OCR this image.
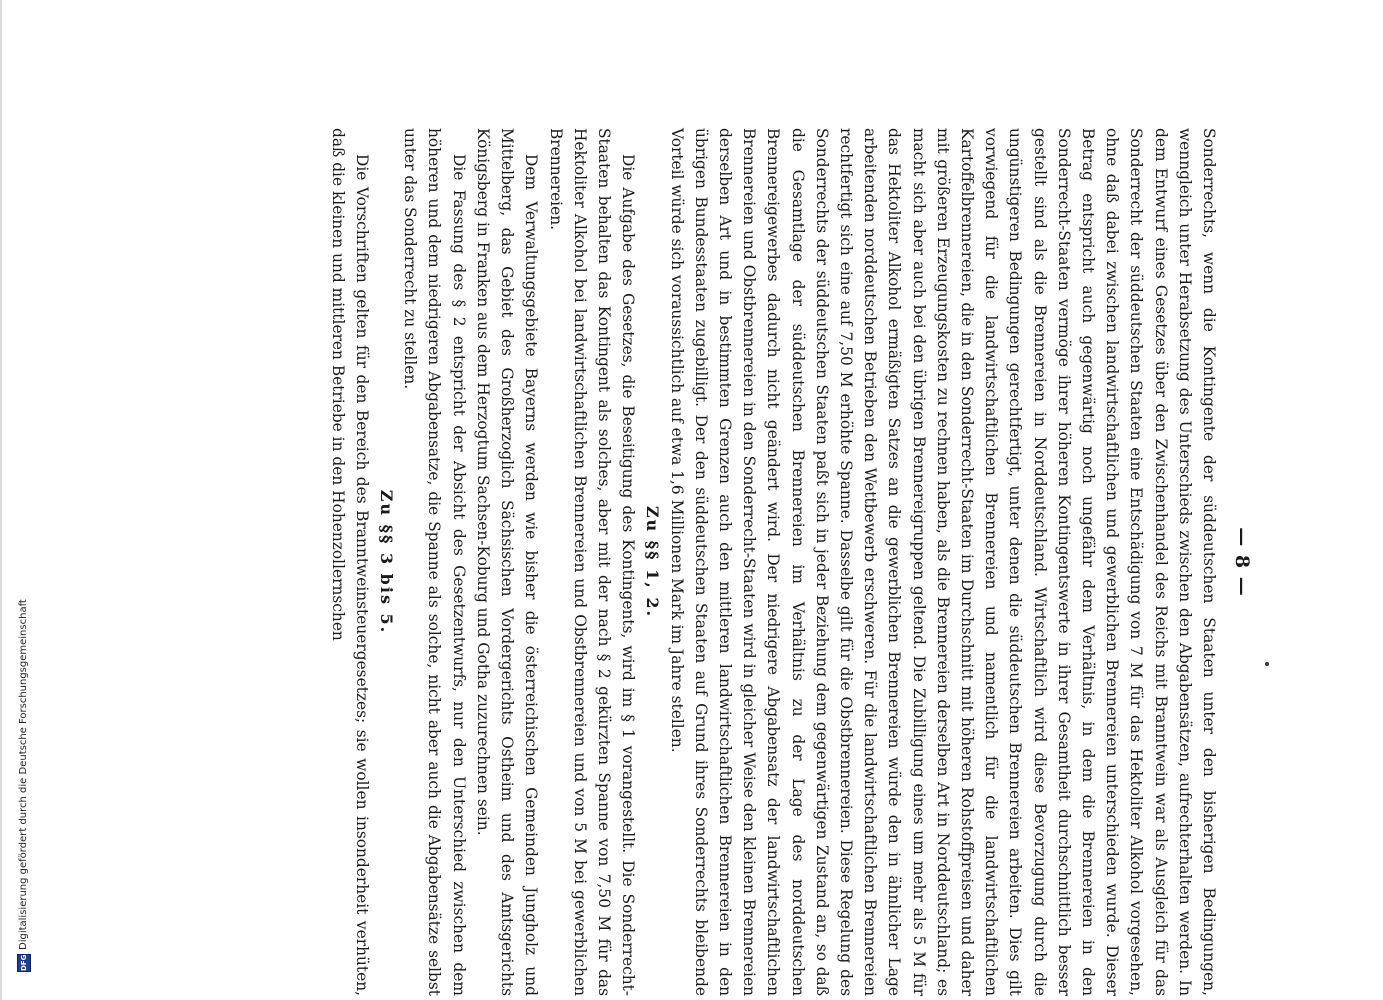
— 8 —

Sonderrechts, wenn die Kontingente der süddeutschen Staaten unter den bisherigen Bedingungen, wenngleich unter Herabsetzung des Unterschieds zwischen den Abgabensätzen, aufrechterhalten werden. In dem Entwurf eines Gesetzes über den Zwischenhandel des Reichs mit Branntwein war als Ausgleich für das Sonderrecht der süddeutschen Staaten eine Entschädigung von 7 M für das Hektoliter Alkohol vorgesehen, ohne daß dabei zwischen landwirtschaftlichen und gewerblichen Brennereien unterschieden wurde. Dieser Betrag entspricht auch gegenwärtig noch ungefähr dem Verhältnis, in dem die Brennereien in den Sonderrecht-Staaten vermöge ihrer höheren Kontingentswerte in ihrer Gesamtheit durchschnittlich besser gestellt sind als die Brennereien in Norddeutschland. Wirtschaftlich wird diese Bevorzugung durch die ungünstigeren Bedingungen gerechtfertigt, unter denen die süddeutschen Brennereien arbeiten. Dies gilt vorwiegend für die landwirtschaftlichen Brennereien und namentlich für die landwirtschaftlichen Kartoffelbrennereien, die in den Sonderrecht-Staaten im Durchschnitt mit höheren Rohstoffpreisen und daher mit größeren Erzeugungskosten zu rechnen haben, als die Brennereien derselben Art in Norddeutschland; es macht sich aber auch bei den übrigen Brennereigruppen geltend. Die Zubilligung eines um mehr als 5 M für das Hektoliter Alkohol ermäßigten Satzes an die gewerblichen Brennereien würde den in ähnlicher Lage arbeitenden norddeutschen Betrieben den Wettbewerb erschweren. Für die landwirtschaftlichen Brennereien rechtfertigt sich eine auf 7,50 M erhöhte Spanne. Dasselbe gilt für die Obstbrennereien. Diese Regelung des Sonderrechts der süddeutschen Staaten paßt sich in jeder Beziehung dem gegenwärtigen Zustand an, so daß die Gesamtlage der süddeutschen Brennereien im Verhältnis zu der Lage des norddeutschen Brennereigewerbes dadurch nicht geändert wird. Der niedrigere Abgabensatz der landwirtschaftlichen Brennereien und Obstbrennereien in den Sonderrecht-Staaten wird in gleicher Weise den kleinen Brennereien derselben Art und in bestimmten Grenzen auch den mittleren landwirtschaftlichen Brennereien in den übrigen Bundesstaaten zugebilligt. Der den süddeutschen Staaten auf Grund ihres Sonderrechts bleibende Vorteil würde sich voraussichtlich auf etwa 1,6 Millionen Mark im Jahre stellen.

Zu §§ 1, 2.

Die Aufgabe des Gesetzes, die Beseitigung des Kontingents, wird im § 1 vorangestellt. Die Sonderrecht-Staaten behalten das Kontingent als solches, aber mit der nach § 2 gekürzten Spanne von 7,50 M für das Hektoliter Alkohol bei landwirtschaftlichen Brennereien und Obstbrennereien und von 5 M bei gewerblichen Brennereien.

Dem Verwaltungsgebiete Bayerns werden wie bisher die österreichischen Gemeinden Jungholz und Mittelberg, das Gebiet des Großherzoglich Sächsischen Vordergerichts Ostheim und des Amtsgerichts Königsberg in Franken aus dem Herzogtum Sachsen-Koburg und Gotha zuzurechnen sein.

Die Fassung des § 2 entspricht der Absicht des Gesetzentwurfs, nur den Unterschied zwischen dem höheren und dem niedrigeren Abgabensatze, die Spanne als solche, nicht aber auch die Abgabensätze selbst unter das Sonderrecht zu stellen.

Zu §§ 3 bis 5.

Die Vorschriften gelten für den Bereich des Branntweinsteuergesetzes; sie wollen insonderheit verhüten, daß die kleinen und mittleren Betriebe in den Hohenzollernschen

DFG
Digitalisierung gefördert durch die Deutsche Forschungsgemeinschaft
